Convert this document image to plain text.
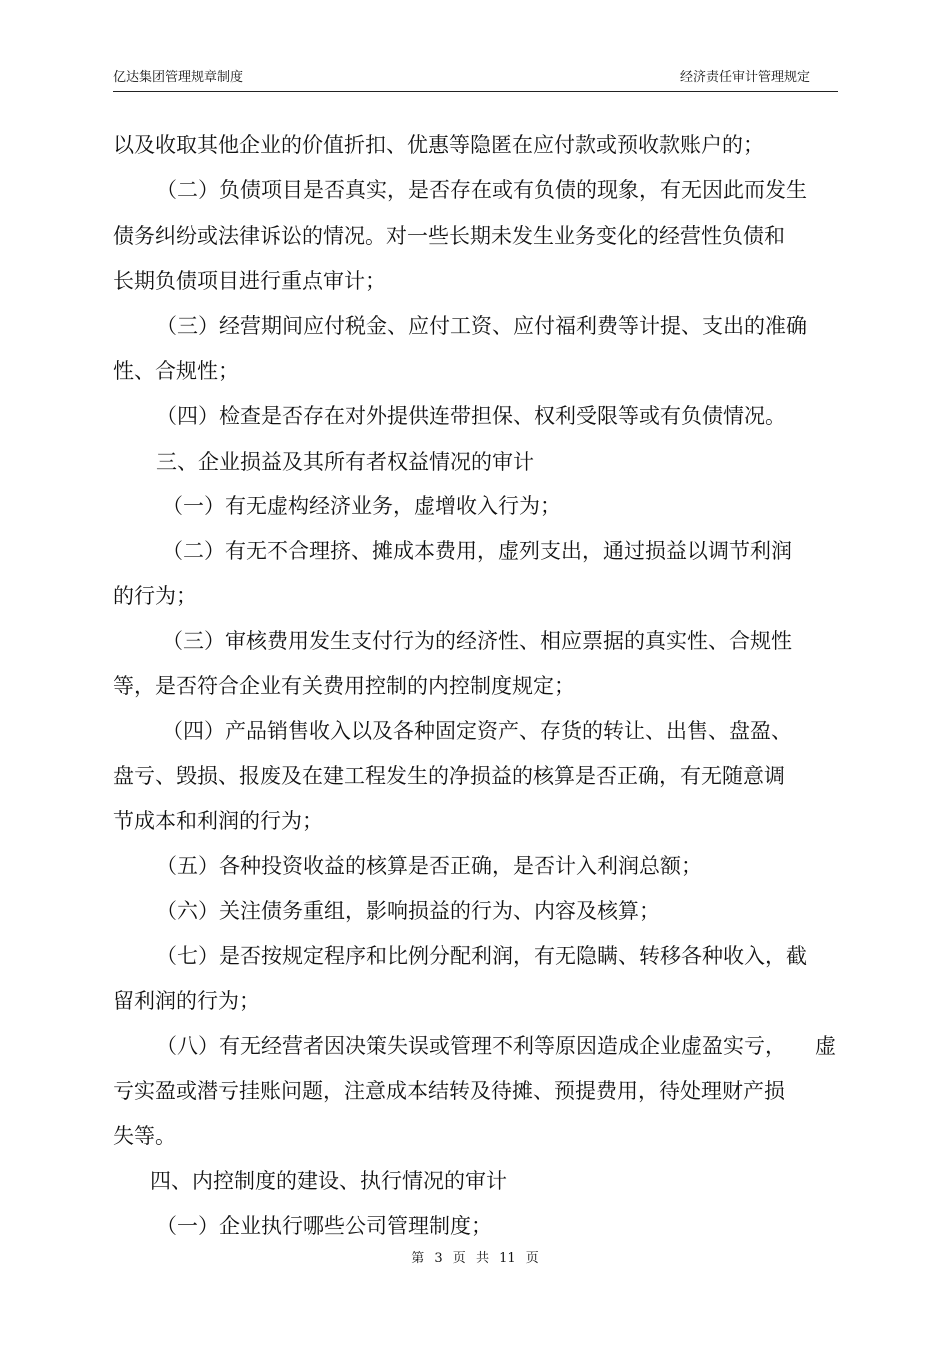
亿达集团管理规章制度	经济责任审计管理规定
以及收取其他企业的价值折扣、优惠等隐匿在应付款或预收款账户的；
（二）负债项目是否真实，是否存在或有负债的现象，有无因此而发生
债务纠纷或法律诉讼的情况。对一些长期未发生业务变化的经营性负债和
长期负债项目进行重点审计；
（三）经营期间应付税金、应付工资、应付福利费等计提、支出的准确
性、合规性；
（四）检查是否存在对外提供连带担保、权利受限等或有负债情况。
三、企业损益及其所有者权益情况的审计
（一）有无虚构经济业务，虚增收入行为；
（二）有无不合理挤、摊成本费用，虚列支出，通过损益以调节利润
的行为；
（三）审核费用发生支付行为的经济性、相应票据的真实性、合规性
等，是否符合企业有关费用控制的内控制度规定；
（四）产品销售收入以及各种固定资产、存货的转让、出售、盘盈、
盘亏、毁损、报废及在建工程发生的净损益的核算是否正确，有无随意调
节成本和利润的行为；
（五）各种投资收益的核算是否正确，是否计入利润总额；
（六）关注债务重组，影响损益的行为、内容及核算；
（七）是否按规定程序和比例分配利润，有无隐瞒、转移各种收入，截
留利润的行为；
（八）有无经营者因决策失误或管理不利等原因造成企业虚盈实亏， 虚
亏实盈或潜亏挂账问题，注意成本结转及待摊、预提费用，待处理财产损
失等。
四、内控制度的建设、执行情况的审计
（一）企业执行哪些公司管理制度；
第 3 页 共 11 页
